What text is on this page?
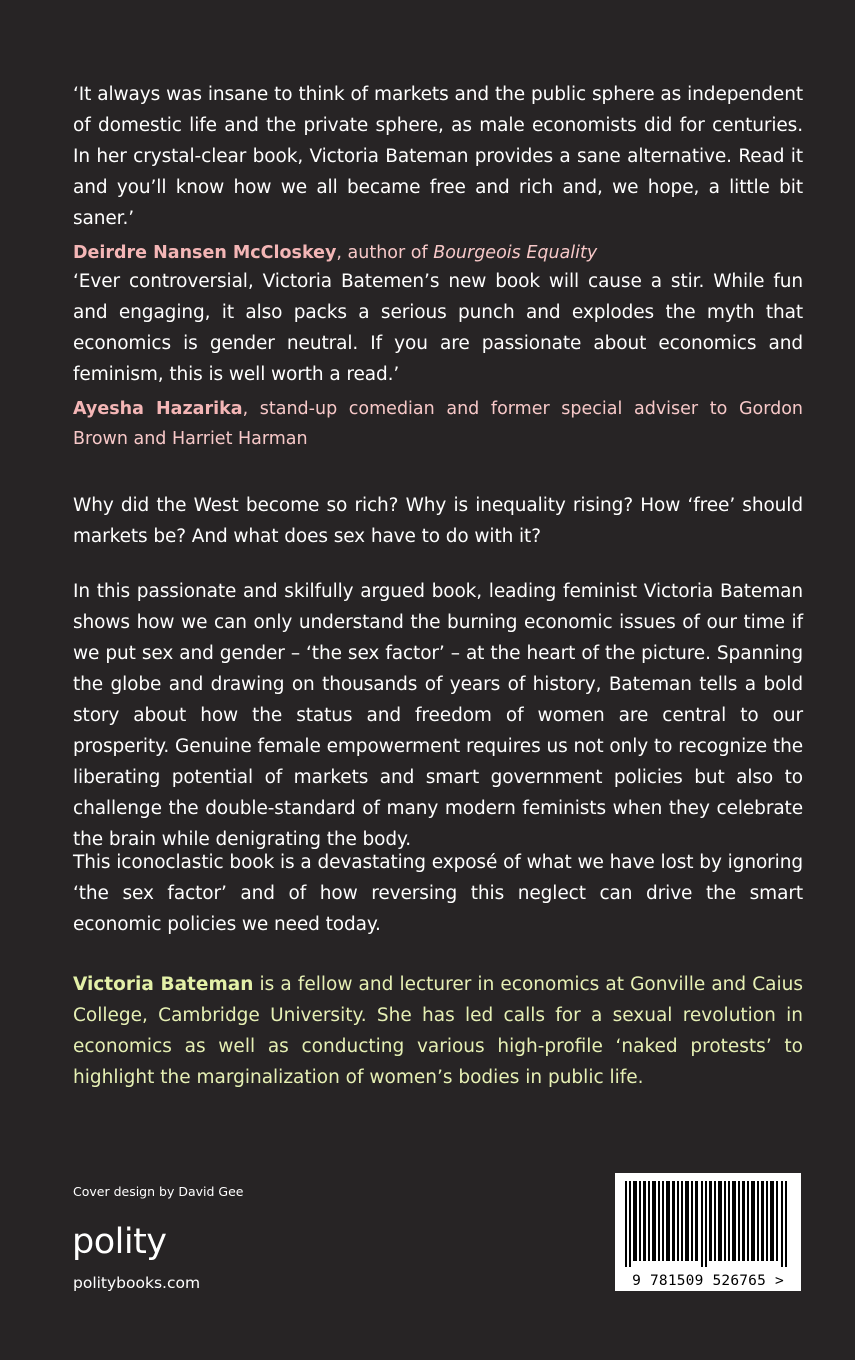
‘It always was insane to think of markets and the public sphere as independent of domestic life and the private sphere, as male economists did for centuries. In her crystal-clear book, Victoria Bateman provides a sane alternative. Read it and you’ll know how we all became free and rich and, we hope, a little bit saner.’

Deirdre Nansen McCloskey, author of Bourgeois Equality

‘Ever controversial, Victoria Batemen’s new book will cause a stir. While fun and engaging, it also packs a serious punch and explodes the myth that economics is gender neutral. If you are passionate about economics and feminism, this is well worth a read.’

Ayesha Hazarika, stand-up comedian and former special adviser to Gordon Brown and Harriet Harman

Why did the West become so rich? Why is inequality rising? How ‘free’ should markets be? And what does sex have to do with it?

In this passionate and skilfully argued book, leading feminist Victoria Bateman shows how we can only understand the burning economic issues of our time if we put sex and gender – ‘the sex factor’ – at the heart of the picture. Spanning the globe and drawing on thousands of years of history, Bateman tells a bold story about how the status and freedom of women are central to our prosperity. Genuine female empowerment requires us not only to recognize the liberating potential of markets and smart government policies but also to challenge the double-standard of many modern feminists when they celebrate the brain while denigrating the body.

This iconoclastic book is a devastating exposé of what we have lost by ignoring ‘the sex factor’ and of how reversing this neglect can drive the smart economic policies we need today.

Victoria Bateman is a fellow and lecturer in economics at Gonville and Caius College, Cambridge University. She has led calls for a sexual revolution in economics as well as conducting various high-profile ‘naked protests’ to highlight the marginalization of women’s bodies in public life.

Cover design by David Gee
polity
politybooks.com	9 781509 526765 >
